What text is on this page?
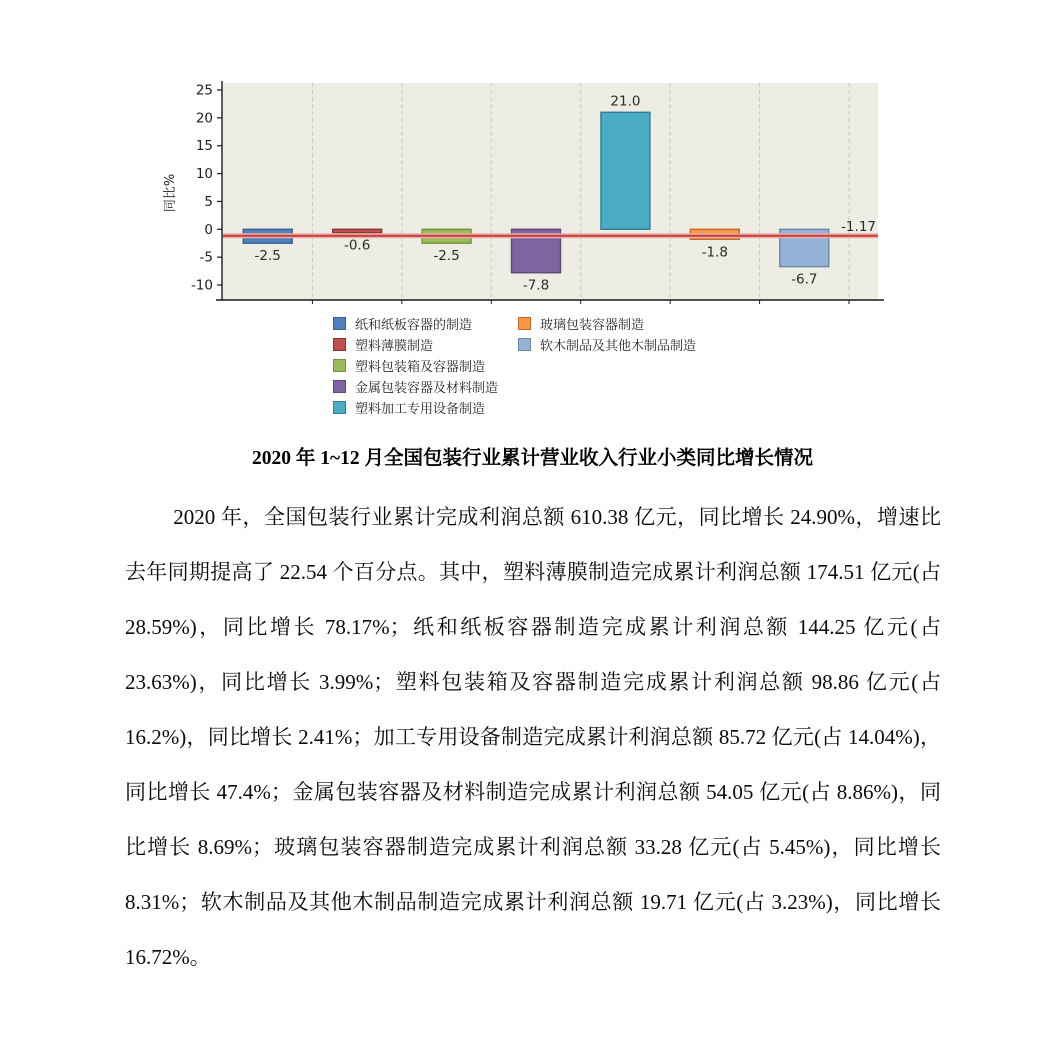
-2.5
-0.6
-2.5
-7.8
21.0
-1.8
-6.7
-1.17
25
20
15
10
5
0
-5
-10
同比%
纸和纸板容器的制造
塑料薄膜制造
塑料包装箱及容器制造
金属包装容器及材料制造
塑料加工专用设备制造
玻璃包装容器制造
软木制品及其他木制品制造
2020 年 1~12 月全国包装行业累计营业收入行业小类同比增长情况

2020 年，全国包装行业累计完成利润总额 610.38 亿元，同比增长 24.90%，增速比去年同期提高了 22.54 个百分点。其中，塑料薄膜制造完成累计利润总额 174.51 亿元(占 28.59%)，同比增长 78.17%；纸和纸板容器制造完成累计利润总额 144.25 亿元(占 23.63%)，同比增长 3.99%；塑料包装箱及容器制造完成累计利润总额 98.86 亿元(占 16.2%)，同比增长 2.41%；加工专用设备制造完成累计利润总额 85.72 亿元(占 14.04%)，同比增长 47.4%；金属包装容器及材料制造完成累计利润总额 54.05 亿元(占 8.86%)，同比增长 8.69%；玻璃包装容器制造完成累计利润总额 33.28 亿元(占 5.45%)，同比增长 8.31%；软木制品及其他木制品制造完成累计利润总额 19.71 亿元(占 3.23%)，同比增长 16.72%。
